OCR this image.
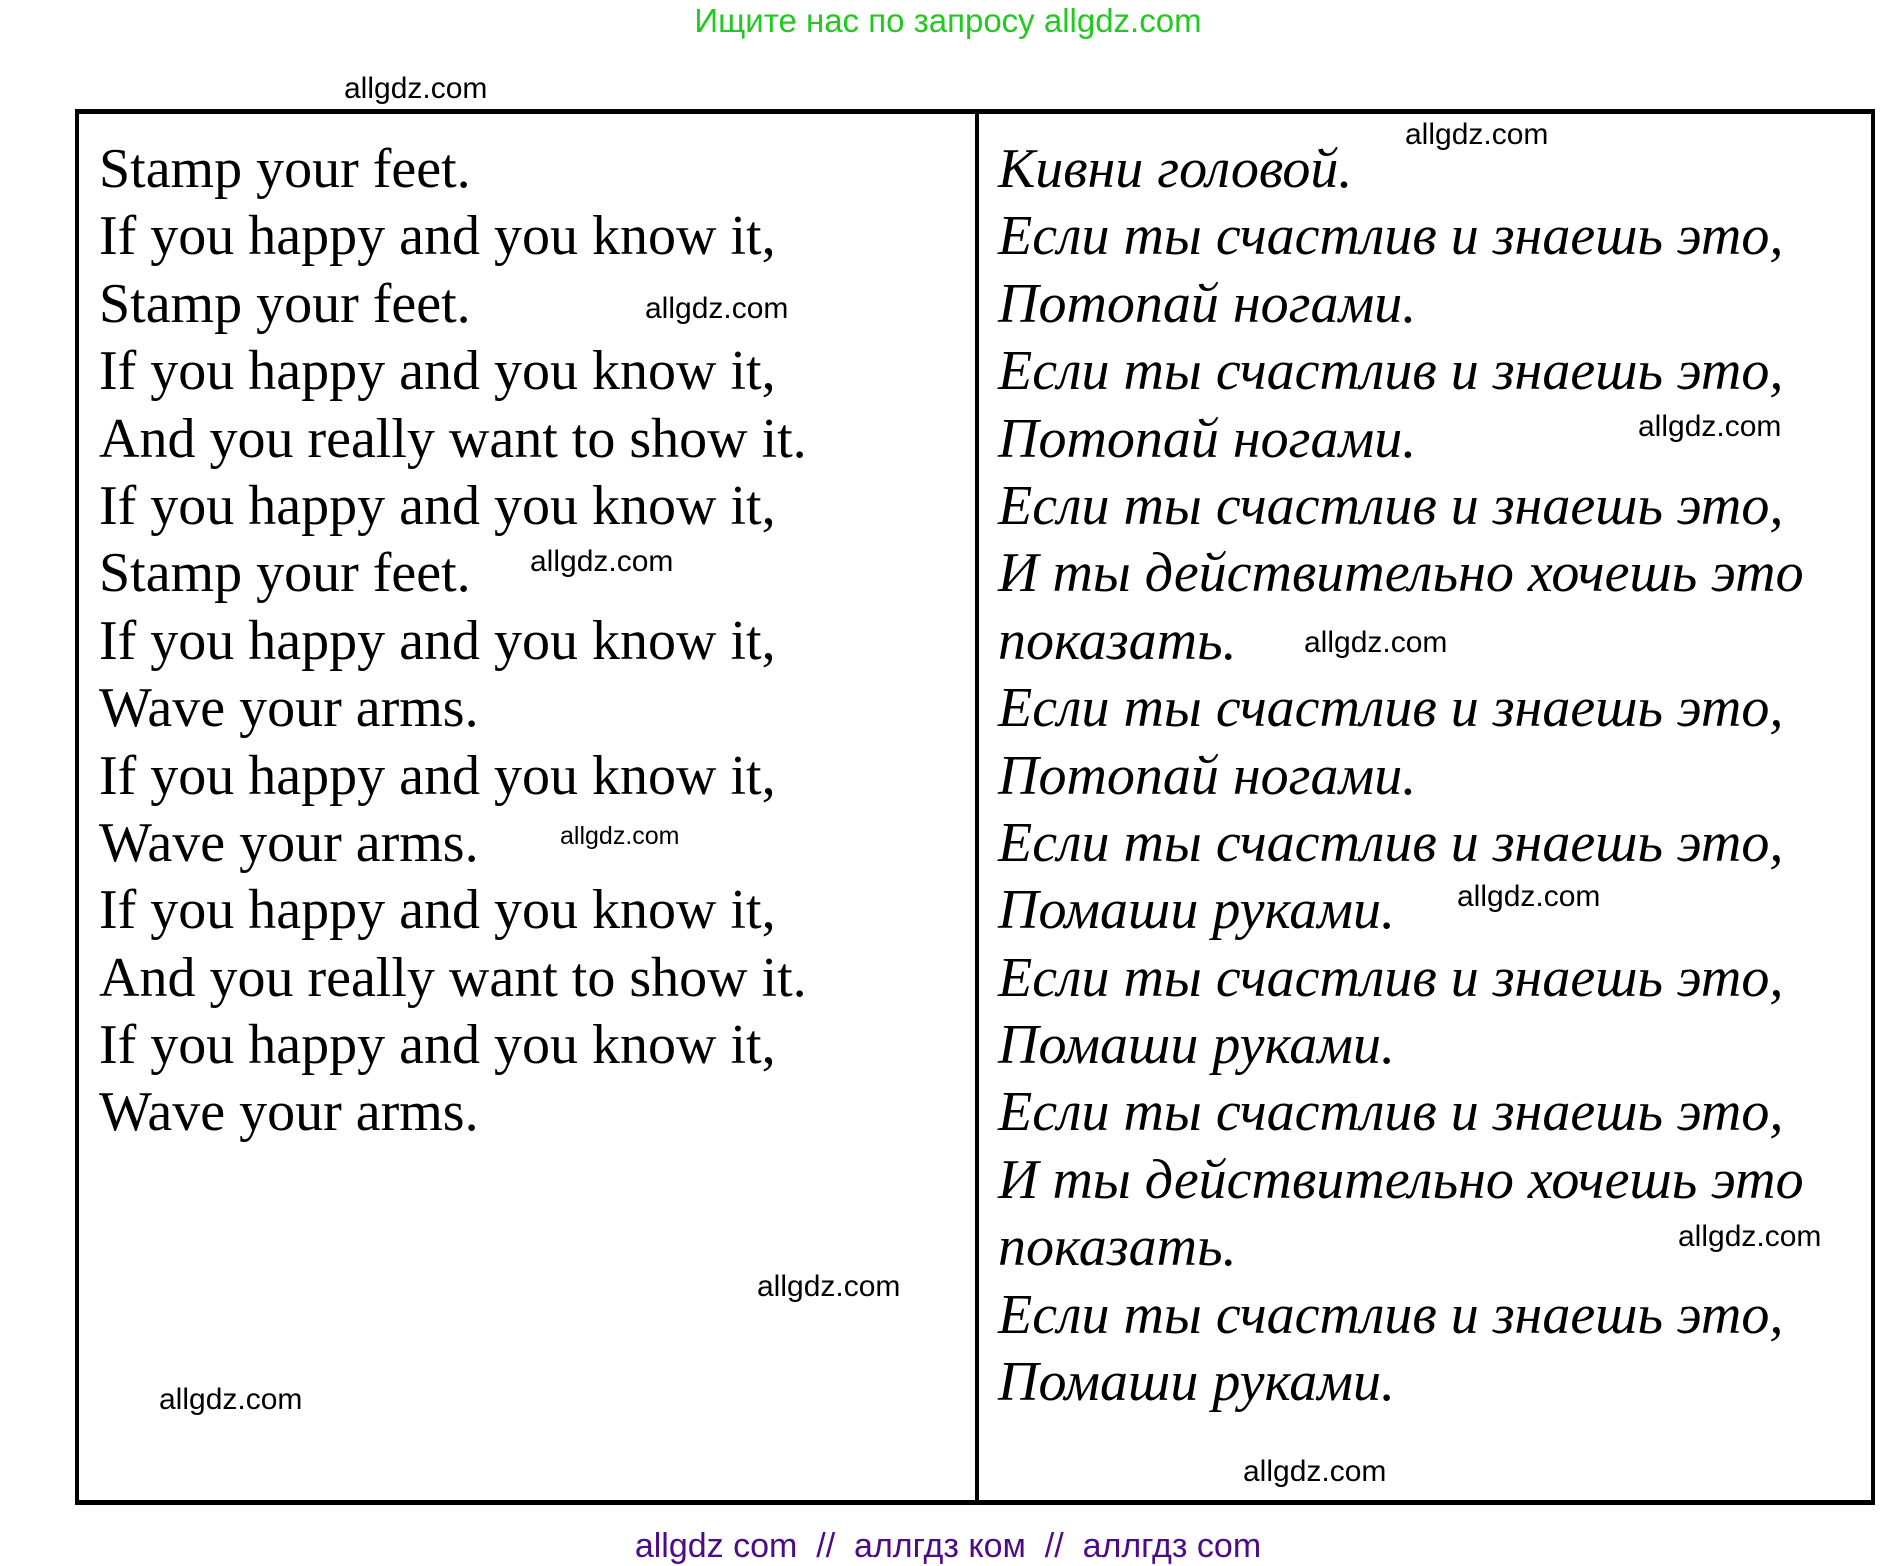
Ищите нас по запросу allgdz.com
Stamp your feet.
If you happy and you know it,
Stamp your feet.
If you happy and you know it,
And you really want to show it.
If you happy and you know it,
Stamp your feet.
If you happy and you know it,
Wave your arms.
If you happy and you know it,
Wave your arms.
If you happy and you know it,
And you really want to show it.
If you happy and you know it,
Wave your arms.
Кивни головой.
Если ты счастлив и знаешь это,
Потопай ногами.
Если ты счастлив и знаешь это,
Потопай ногами.
Если ты счастлив и знаешь это,
И ты действительно хочешь это
показать.
Если ты счастлив и знаешь это,
Потопай ногами.
Если ты счастлив и знаешь это,
Помаши руками.
Если ты счастлив и знаешь это,
Помаши руками.
Если ты счастлив и знаешь это,
И ты действительно хочешь это
показать.
Если ты счастлив и знаешь это,
Помаши руками.
allgdz.com
allgdz.com
allgdz.com
allgdz.com
allgdz.com
allgdz.com
allgdz.com
allgdz.com
allgdz.com
allgdz.com
allgdz.com
allgdz.com
allgdz com  //  аллгдз ком  //  аллгдз com
